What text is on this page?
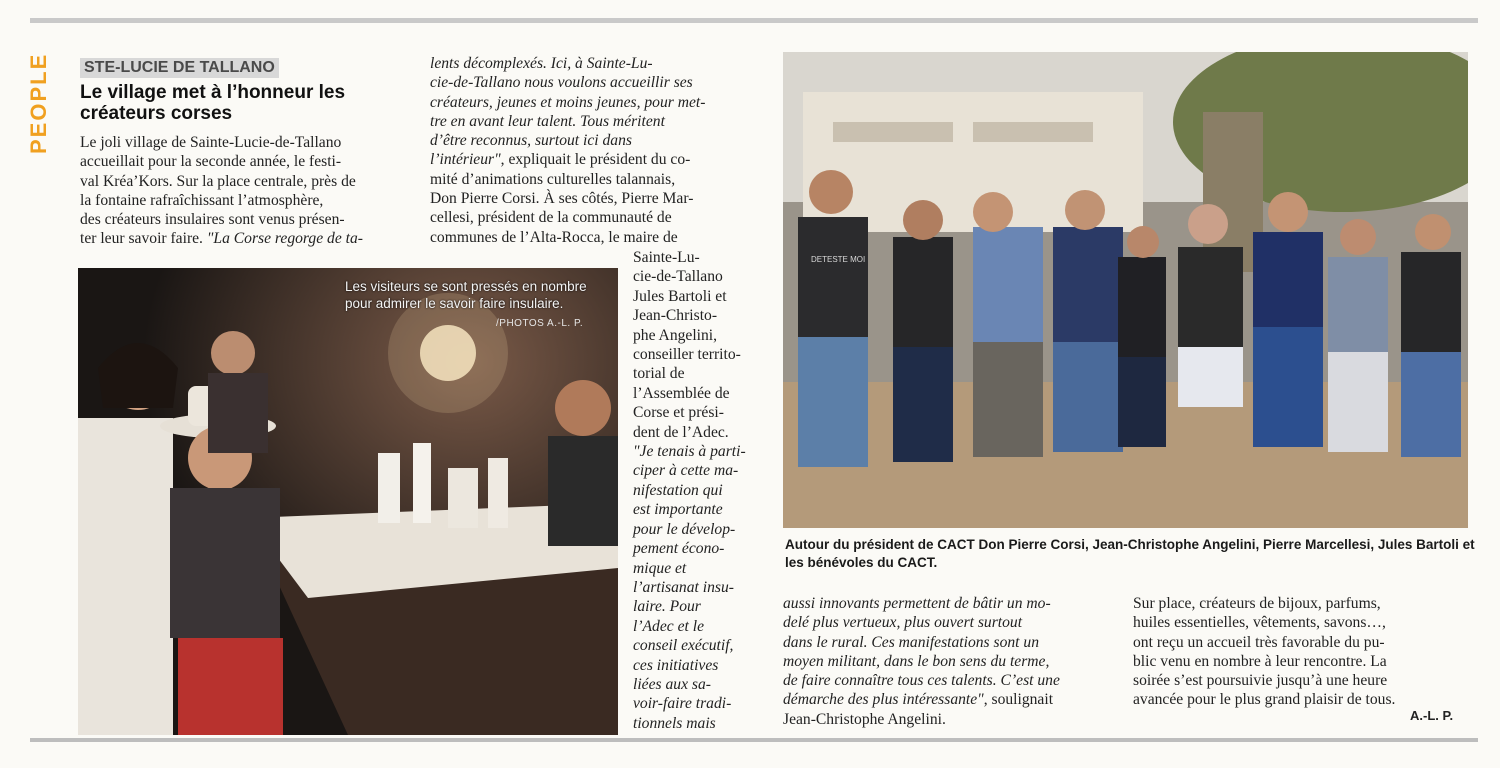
PEOPLE	STE-LUCIE DE TALLANO
Le village met à l’honneur les créateurs corses
Le joli village de Sainte-Lucie-de-Tallano
accueillait pour la seconde année, le festi-
val Kréa’Kors. Sur la place centrale, près de
la fontaine rafraîchissant l’atmosphère,
des créateurs insulaires sont venus présen-
ter leur savoir faire. "La Corse regorge de ta-
lents décomplexés. Ici, à Sainte-Lu-
cie-de-Tallano nous voulons accueillir ses
créateurs, jeunes et moins jeunes, pour met-
tre en avant leur talent. Tous méritent
d’être reconnus, surtout ici dans
l’intérieur", expliquait le président du co-
mité d’animations culturelles talannais,
Don Pierre Corsi. À ses côtés, Pierre Mar-
cellesi, président de la communauté de
communes de l’Alta-Rocca, le maire de
Sainte-Lu-
cie-de-Tallano
Jules Bartoli et
Jean-Christo-
phe Angelini,
conseiller territo-
torial de
l’Assemblée de
Corse et prési-
dent de l’Adec.
"Je tenais à parti-
ciper à cette ma-
nifestation qui
est importante
pour le dévelop-
pement écono-
mique et
l’artisanat insu-
laire. Pour
l’Adec et le
conseil exécutif,
ces initiatives
liées aux sa-
voir-faire tradi-
tionnels mais
Les visiteurs se sont pressés en nombre pour admirer le savoir faire insulaire.
/PHOTOS A.-L. P.
DETESTE MOI
Autour du président de CACT Don Pierre Corsi, Jean-Christophe Angelini, Pierre Marcellesi, Jules Bartoli et les bénévoles du CACT.
aussi innovants permettent de bâtir un mo-
delé plus vertueux, plus ouvert surtout
dans le rural. Ces manifestations sont un
moyen militant, dans le bon sens du terme,
de faire connaître tous ces talents. C’est une
démarche des plus intéressante", soulignait
Jean-Christophe Angelini.
Sur place, créateurs de bijoux, parfums,
huiles essentielles, vêtements, savons…,
ont reçu un accueil très favorable du pu-
blic venu en nombre à leur rencontre. La
soirée s’est poursuivie jusqu’à une heure
avancée pour le plus grand plaisir de tous.
A.-L. P.
